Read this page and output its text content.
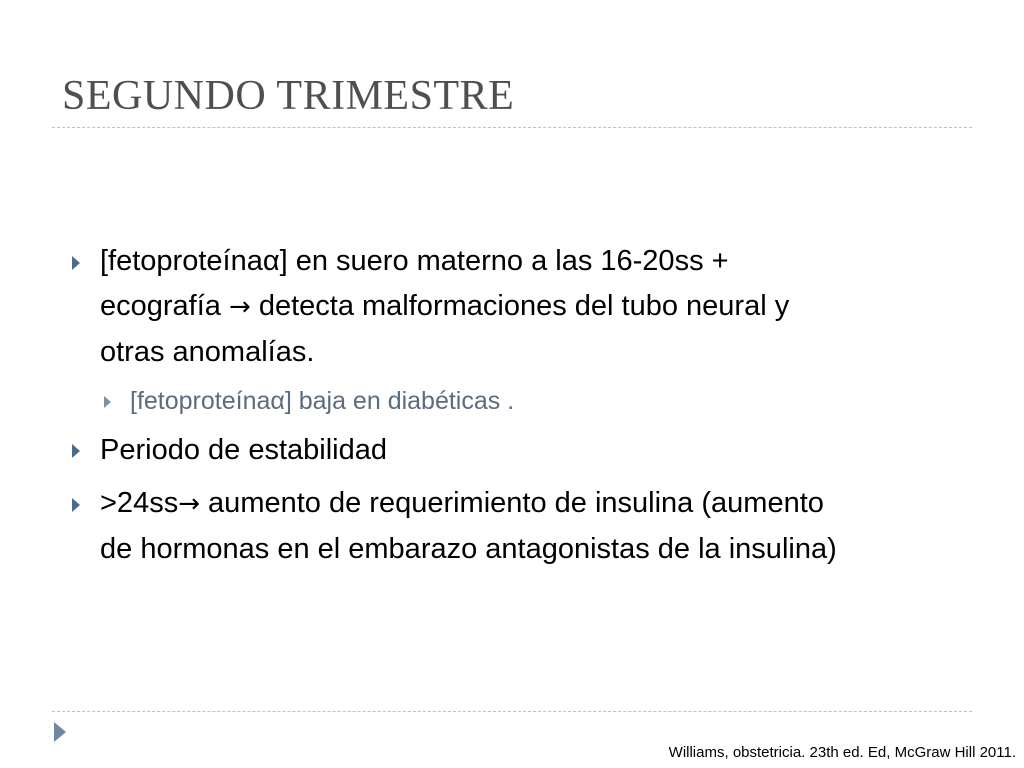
SEGUNDO TRIMESTRE
[fetoproteínaα] en suero materno a las 16-20ss +
ecografía → detecta malformaciones del tubo neural y
otras anomalías.
[fetoproteínaα] baja en diabéticas .
Periodo de estabilidad
>24ss→ aumento de requerimiento de insulina (aumento
de hormonas en el embarazo antagonistas de la insulina)
Williams, obstetricia. 23th ed. Ed, McGraw Hill 2011.
